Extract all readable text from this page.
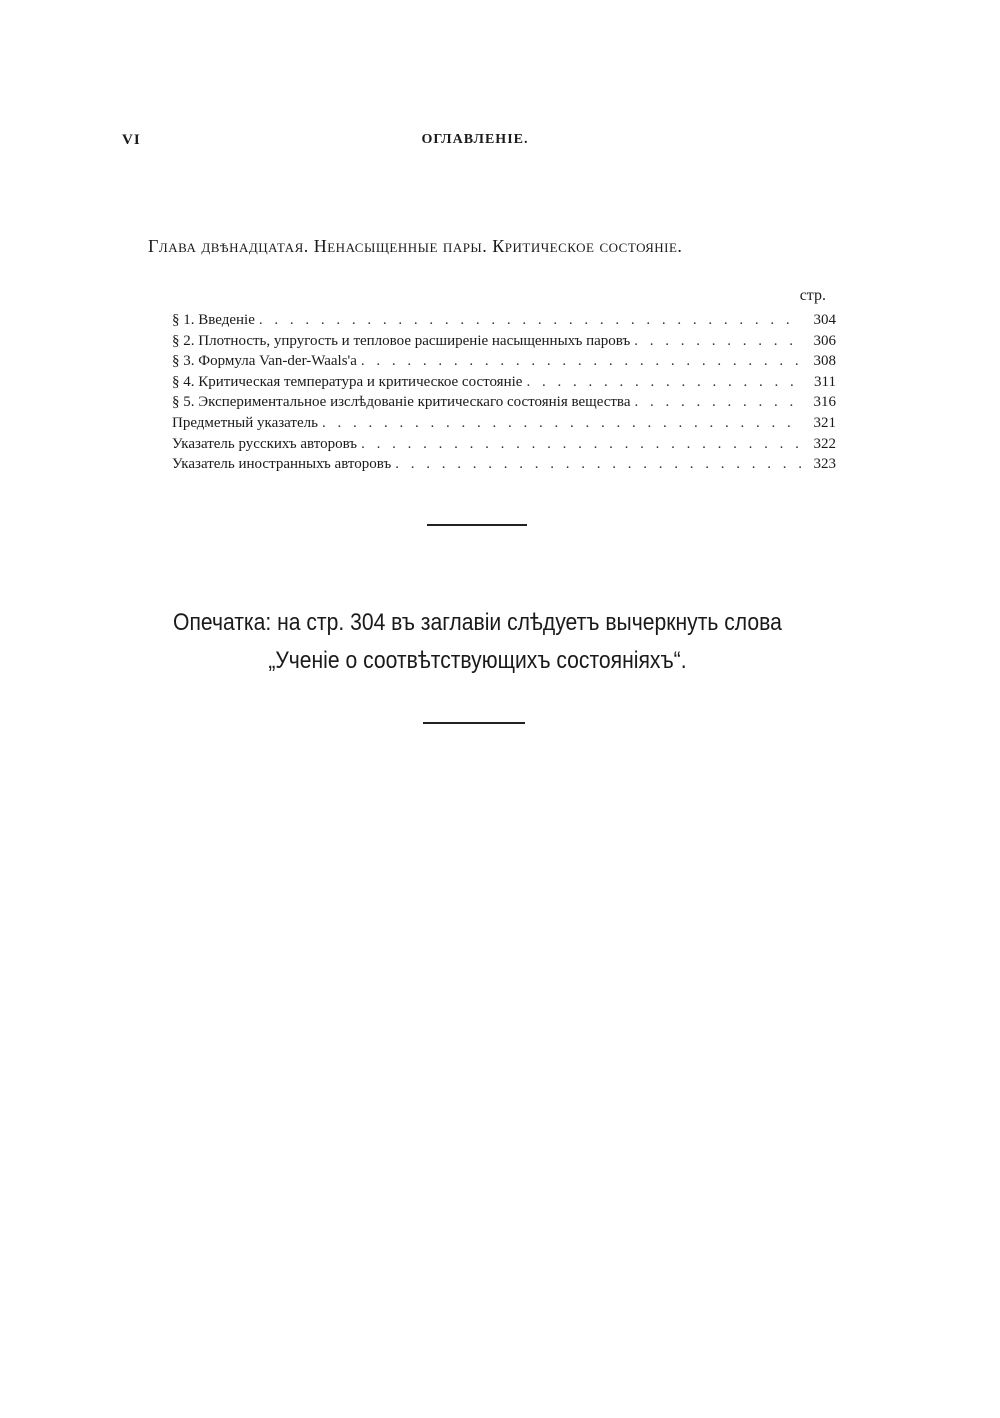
VI	ОГЛАВЛЕНІЕ.
Глава двѣнадцатая. Ненасыщенные пары. Критическое состояніе.
стр.
§ 1. Введеніе . . .	304
§ 2. Плотность, упругость и тепловое расширеніе насыщенныхъ паровъ . . .	306
§ 3. Формула Van-der-Waals'a . . .	308
§ 4. Критическая температура и критическое состояніе . . .	311
§ 5. Экспериментальное изслѣдованіе критическаго состоянія вещества . . .	316
Предметный указатель . . .	321
Указатель русскихъ авторовъ . . .	322
Указатель иностранныхъ авторовъ . . .	323
Опечатка: на стр. 304 въ заглавіи слѣдуетъ вычеркнуть слова
„Ученіе о соотвѣтствующихъ состояніяхъ“.
